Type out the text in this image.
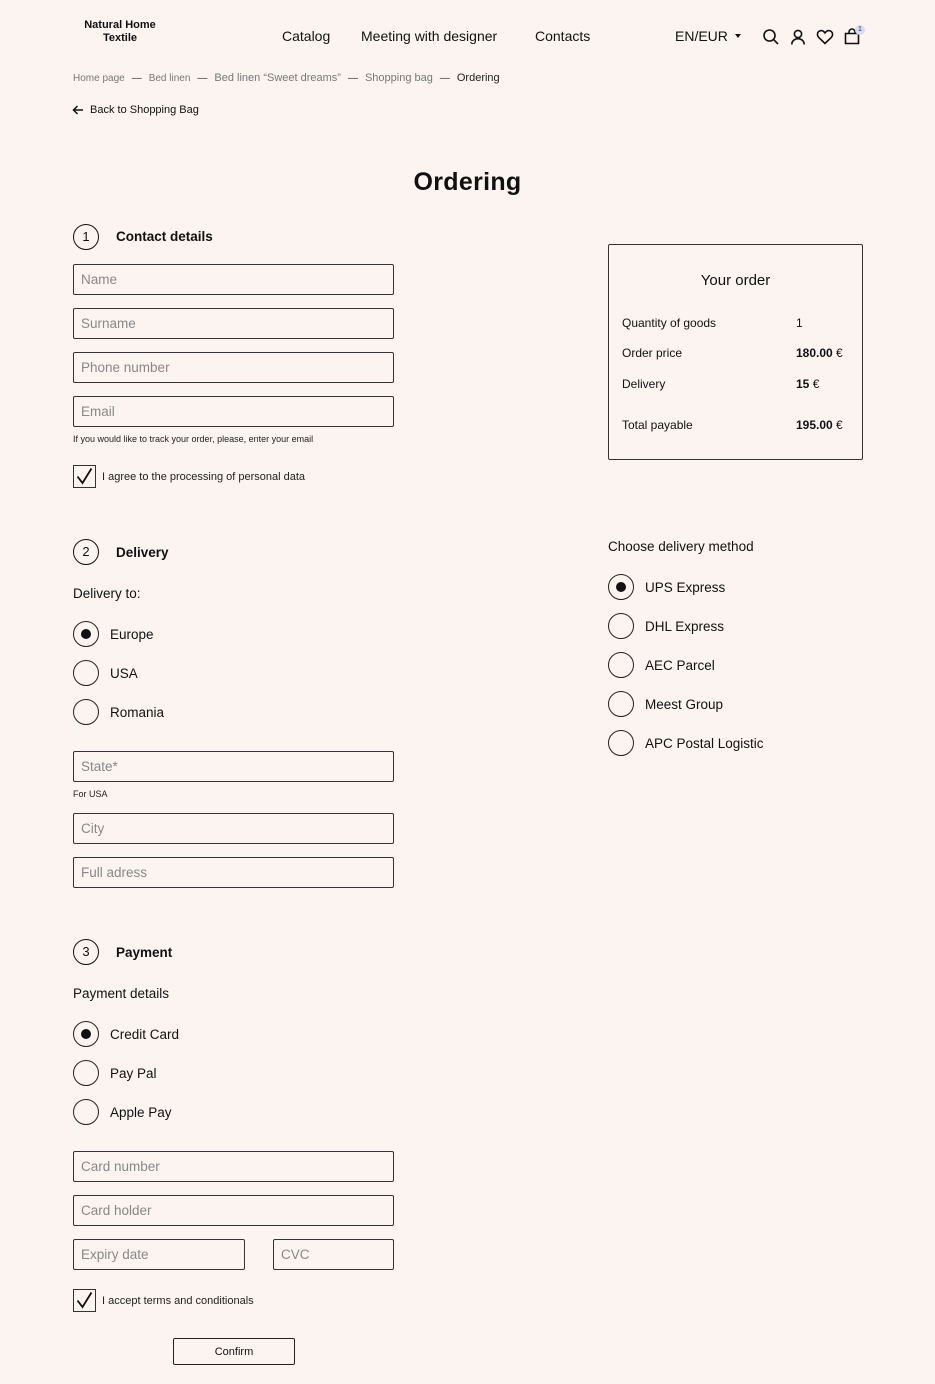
Natural Home Textile	Catalog Meeting with designer	Contacts	EN/EUR	1
Home page — Bed linen — Bed linen “Sweet dreams” — Shopping bag — Ordering
Back to Shopping Bag
Ordering
1	Contact details
Name
Surname
Phone number
Email
If you would like to track your order, please, enter your email
I agree to the processing of personal data
Your order
Quantity of goods	1
Order price	180.00 €
Delivery	15 €
Total payable	195.00 €
2	Delivery
Delivery to:
Europe
USA
Romania
State*
For USA
City
Full adress
Choose delivery method
UPS Express
DHL Express
AEC Parcel
Meest Group
APC Postal Logistic
3	Payment
Payment details
Credit Card
Pay Pal
Apple Pay
Card number
Card holder
Expiry date
CVC
I accept terms and conditionals
Confirm
